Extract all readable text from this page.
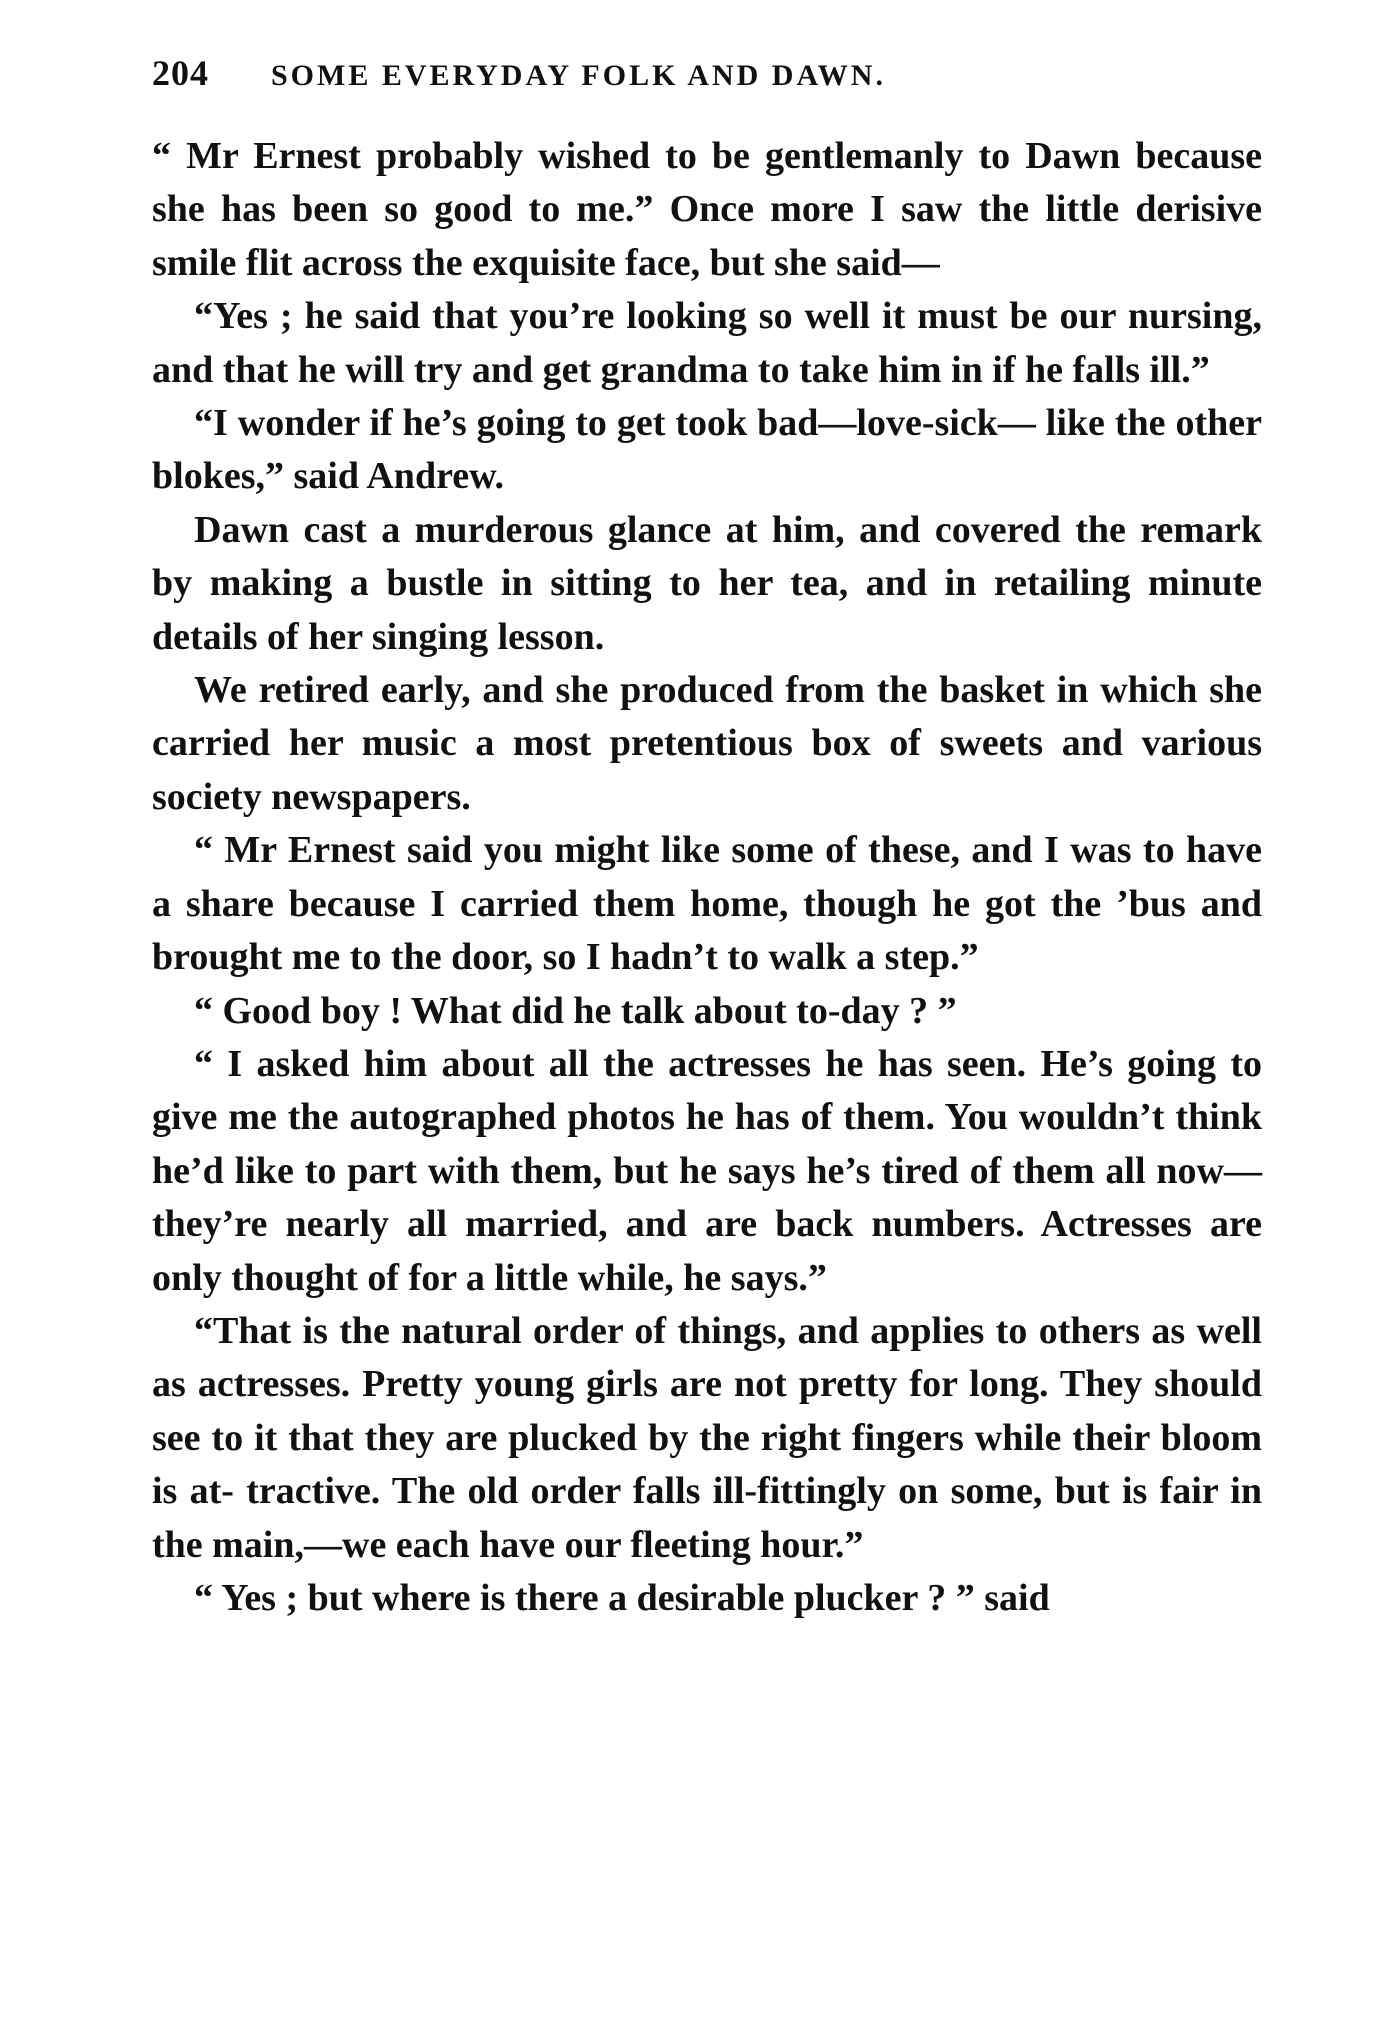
204 SOME EVERYDAY FOLK AND DAWN.

“ Mr Ernest probably wished to be gentlemanly to Dawn because she has been so good to me.” Once more I saw the little derisive smile flit across the exquisite face, but she said—

“Yes ; he said that you’re looking so well it must be our nursing, and that he will try and get grandma to take him in if he falls ill.”

“I wonder if he’s going to get took bad—love-sick— like the other blokes,” said Andrew.

Dawn cast a murderous glance at him, and covered the remark by making a bustle in sitting to her tea, and in retailing minute details of her singing lesson.

We retired early, and she produced from the basket in which she carried her music a most pretentious box of sweets and various society newspapers.

“ Mr Ernest said you might like some of these, and I was to have a share because I carried them home, though he got the ’bus and brought me to the door, so I hadn’t to walk a step.”

“ Good boy ! What did he talk about to-day ? ”

“ I asked him about all the actresses he has seen. He’s going to give me the autographed photos he has of them. You wouldn’t think he’d like to part with them, but he says he’s tired of them all now—they’re nearly all married, and are back numbers. Actresses are only thought of for a little while, he says.”

“That is the natural order of things, and applies to others as well as actresses. Pretty young girls are not pretty for long. They should see to it that they are plucked by the right fingers while their bloom is at- tractive. The old order falls ill-fittingly on some, but is fair in the main,—we each have our fleeting hour.”

“ Yes ; but where is there a desirable plucker ? ” said
